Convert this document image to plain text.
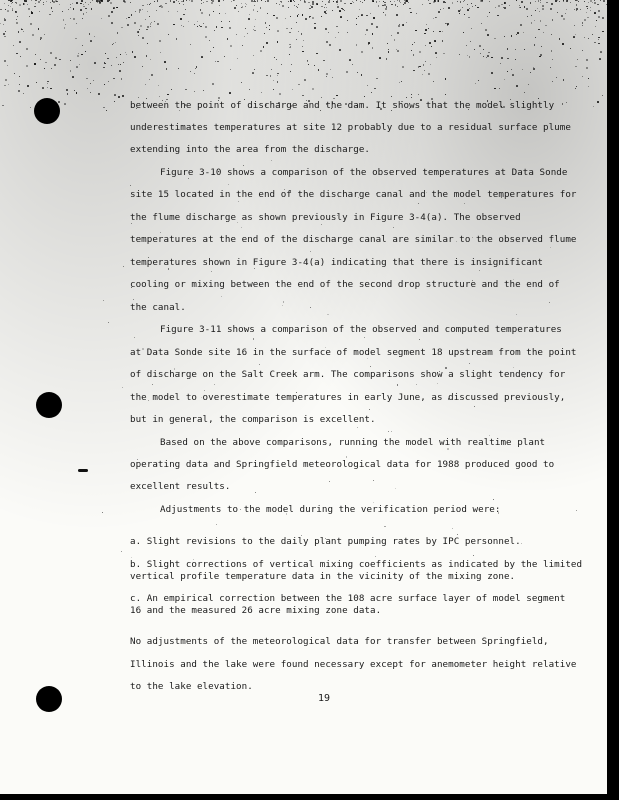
between the point of discharge and the dam. It shows that the model slightly
underestimates temperatures at site 12 probably due to a residual surface plume
extending into the area from the discharge.
Figure 3-10 shows a comparison of the observed temperatures at Data Sonde
site 15 located in the end of the discharge canal and the model temperatures for
the flume discharge as shown previously in Figure 3-4(a). The observed
temperatures at the end of the discharge canal are similar to the observed flume
temperatures shown in Figure 3-4(a) indicating that there is insignificant
cooling or mixing between the end of the second drop structure and the end of
the canal.
Figure 3-11 shows a comparison of the observed and computed temperatures
at Data Sonde site 16 in the surface of model segment 18 upstream from the point
of discharge on the Salt Creek arm. The comparisons show a slight tendency for
the model to overestimate temperatures in early June, as discussed previously,
but in general, the comparison is excellent.
Based on the above comparisons, running the model with realtime plant
operating data and Springfield meteorological data for 1988 produced good to
excellent results.
Adjustments to the model during the verification period were:
a. Slight revisions to the daily plant pumping rates by IPC personnel.
b. Slight corrections of vertical mixing coefficients as indicated by the limited
vertical profile temperature data in the vicinity of the mixing zone.
c. An empirical correction between the 108 acre surface layer of model segment
16 and the measured 26 acre mixing zone data.
No adjustments of the meteorological data for transfer between Springfield,
Illinois and the lake were found necessary except for anemometer height relative
to the lake elevation.
19
